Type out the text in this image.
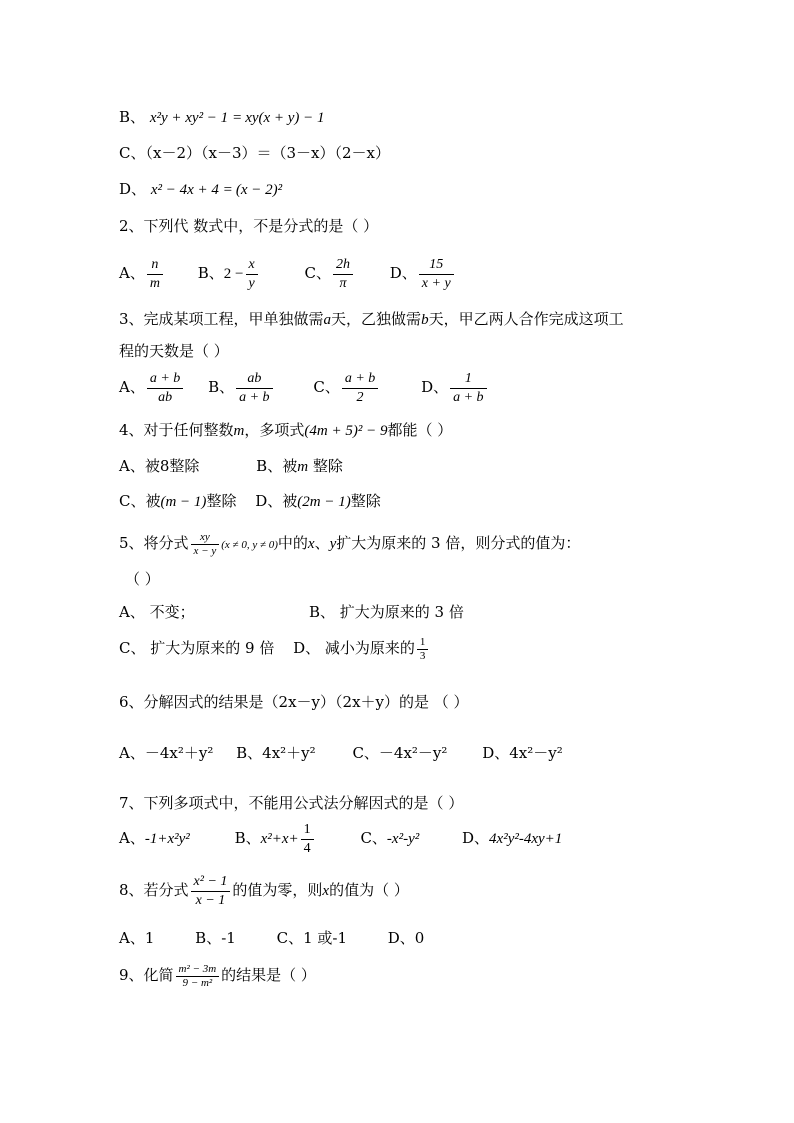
B、 x²y + xy² − 1 = xy(x + y) − 1
C、（x－2）（x－3）＝（3－x）（2－x）
D、 x² − 4x + 4 = (x − 2)²
2、下列代 数式中，不是分式的是（ ）
A、 $\frac{n}{m}$ B、$2 - \frac{x}{y}$	C、 $\frac{2h}{\pi}$ D、 $\frac{15}{x + y}$
3、完成某项工程，甲单独做需a天，乙独做需b天，甲乙两人合作完成这项工
程的天数是（ ）
A、 $\frac{a + b}{ab}$ B、 $\frac{ab}{a + b}$	C、 $\frac{a + b}{2}$	D、 $\frac{1}{a + b}$
4、对于任何整数m，多项式(4m + 5)² − 9都能（ ）
A、被8整除	B、被m 整除
C、被(m − 1)整除 D、被(2m − 1)整除
5、将分式 $\frac{xy}{x - y} (x \ne 0$, y ≠ 0)中的x、y扩大为原来的 3 倍，则分式的值为：
（ ）
A、 不变；	B、 扩大为原来的 3 倍
C、 扩大为原来的 9 倍 D、 减小为原来的 $\frac{1}{3}$
6、分解因式的结果是（2x－y）（2x＋y）的是 （ ）
A、－4x²＋y² B、4x²＋y² C、－4x²－y² D、4x²－y²
7、下列多项式中，不能用公式法分解因式的是（ ）
A、-1+x²y²	B、$x^2+x+ \frac{1}{4}$	C、-x²-y²	D、4x²y²-4xy+1
8、若分式 $\frac{\text{x² − 1}}{x - 1}$ 的值为零，则x的值为（ ）
A、1	B、-1	C、1 或-1	D、0
9、化简 $\frac{\text{m² − 3m}}{\text{9 − m²}}$ 的结果是（ ）
